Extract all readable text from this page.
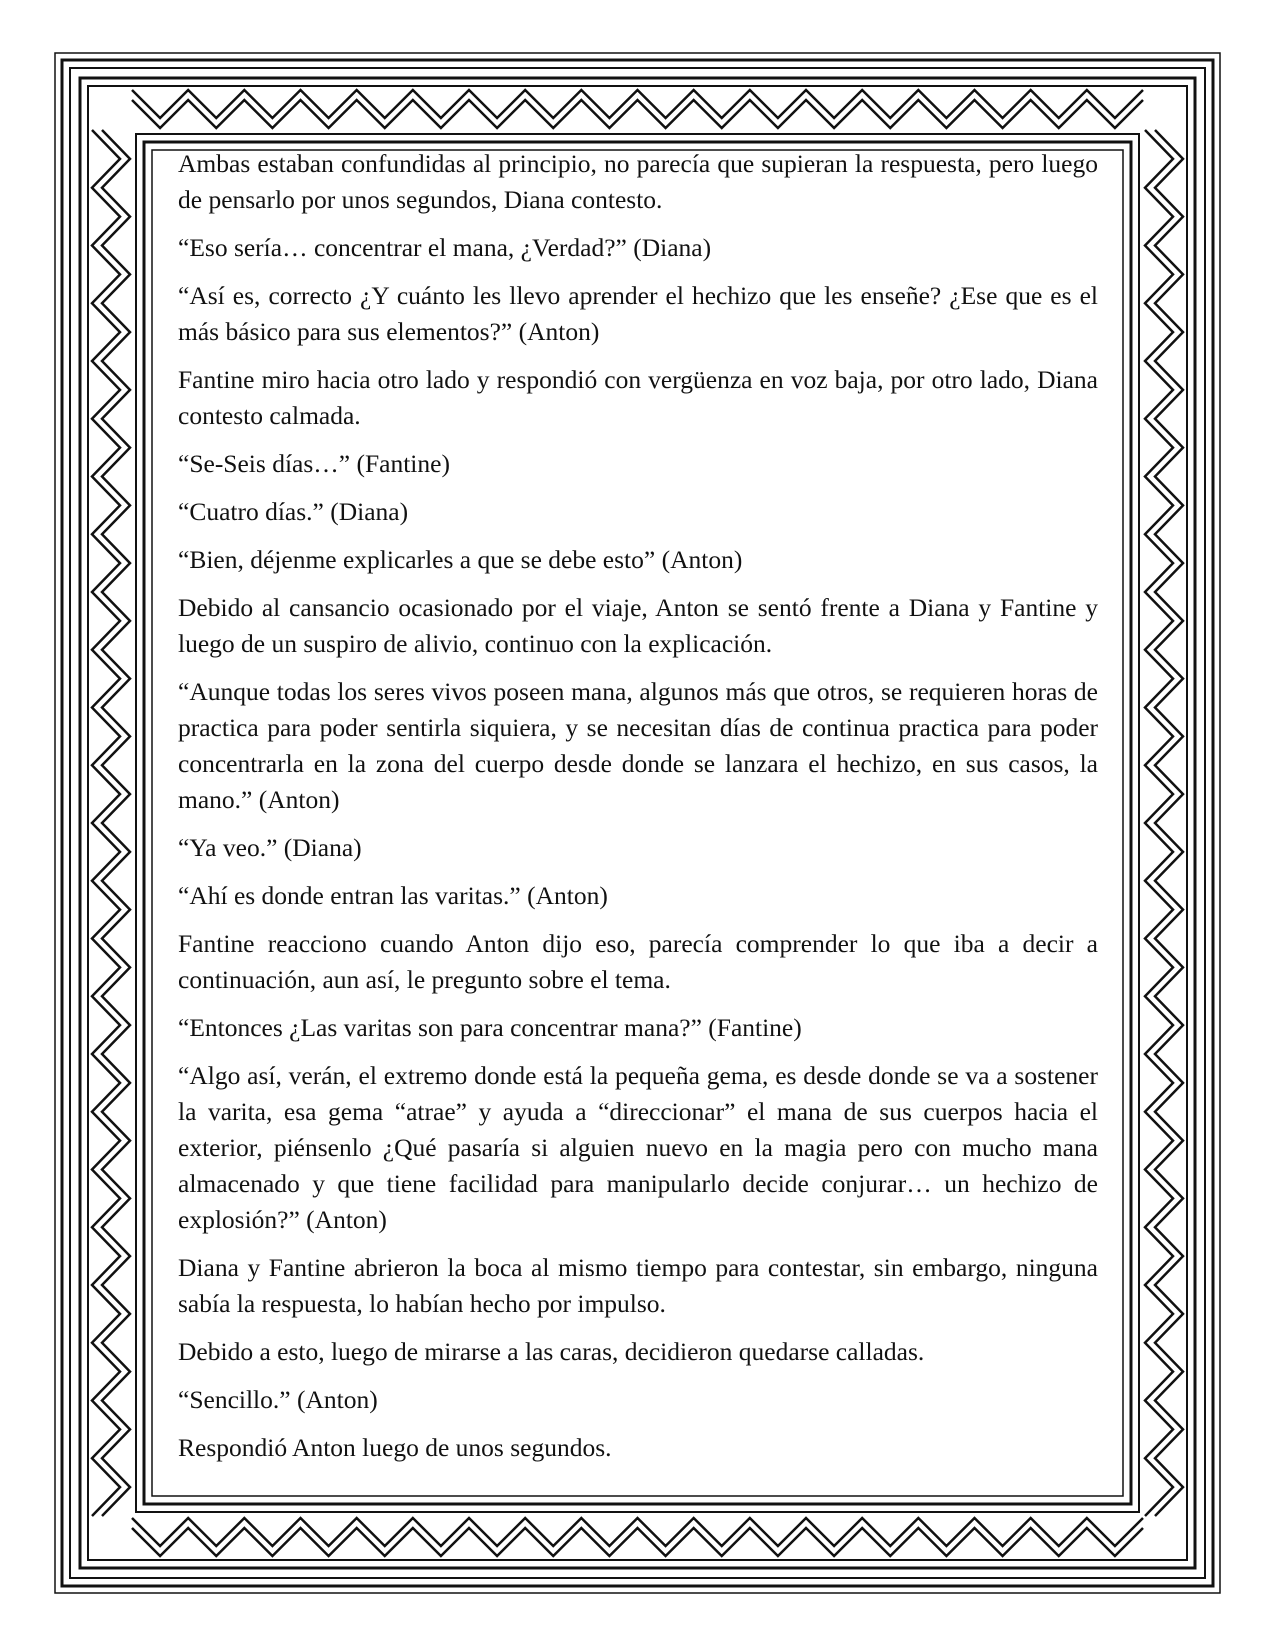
Ambas estaban confundidas al principio, no parecía que supieran la respuesta, pero luego de pensarlo por unos segundos, Diana contesto.

“Eso sería… concentrar el mana, ¿Verdad?” (Diana)

“Así es, correcto ¿Y cuánto les llevo aprender el hechizo que les enseñe? ¿Ese que es el más básico para sus elementos?” (Anton)

Fantine miro hacia otro lado y respondió con vergüenza en voz baja, por otro lado, Diana contesto calmada.

“Se-Seis días…” (Fantine)

“Cuatro días.” (Diana)

“Bien, déjenme explicarles a que se debe esto” (Anton)

Debido al cansancio ocasionado por el viaje, Anton se sentó frente a Diana y Fantine y luego de un suspiro de alivio, continuo con la explicación.

“Aunque todas los seres vivos poseen mana, algunos más que otros, se requieren horas de practica para poder sentirla siquiera, y se necesitan días de continua practica para poder concentrarla en la zona del cuerpo desde donde se lanzara el hechizo, en sus casos, la mano.” (Anton)

“Ya veo.” (Diana)

“Ahí es donde entran las varitas.” (Anton)

Fantine reacciono cuando Anton dijo eso, parecía comprender lo que iba a decir a continuación, aun así, le pregunto sobre el tema.

“Entonces ¿Las varitas son para concentrar mana?” (Fantine)

“Algo así, verán, el extremo donde está la pequeña gema, es desde donde se va a sostener la varita, esa gema “atrae” y ayuda a “direccionar” el mana de sus cuerpos hacia el exterior, piénsenlo ¿Qué pasaría si alguien nuevo en la magia pero con mucho mana almacenado y que tiene facilidad para manipularlo decide conjurar… un hechizo de explosión?” (Anton)

Diana y Fantine abrieron la boca al mismo tiempo para contestar, sin embargo, ninguna sabía la respuesta, lo habían hecho por impulso.

Debido a esto, luego de mirarse a las caras, decidieron quedarse calladas.

“Sencillo.” (Anton)

Respondió Anton luego de unos segundos.
